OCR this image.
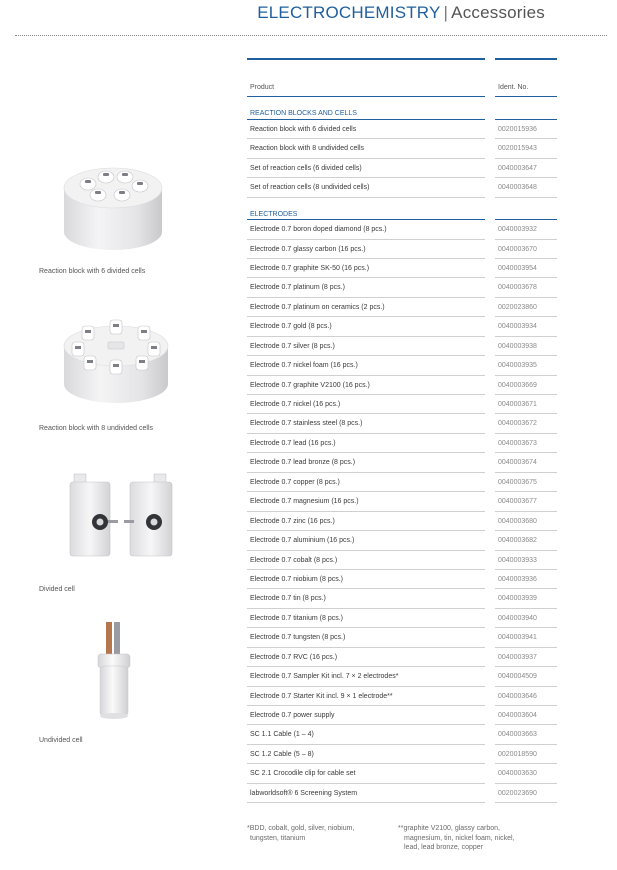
ELECTROCHEMISTRY | Accessories
Product	Ident. No.
REACTION BLOCKS AND CELLS
Reaction block with 6 divided cells	0020015936
Reaction block with 8 undivided cells	0020015943
Set of reaction cells (6 divided cells)	0040003647
Set of reaction cells (8 undivided cells)	0040003648
ELECTRODES
Electrode 0.7 boron doped diamond (8 pcs.)	0040003932
Electrode 0.7 glassy carbon (16 pcs.)	0040003670
Electrode 0.7 graphite SK-50 (16 pcs.)	0040003954
Electrode 0.7 platinum (8 pcs.)	0040003678
Electrode 0.7 platinum on ceramics (2 pcs.)	0020023860
Electrode 0.7 gold (8 pcs.)	0040003934
Electrode 0.7 silver (8 pcs.)	0040003938
Electrode 0.7 nickel foam (16 pcs.)	0040003935
Electrode 0.7 graphite V2100 (16 pcs.)	0040003669
Electrode 0.7 nickel (16 pcs.)	0040003671
Electrode 0.7 stainless steel (8 pcs.)	0040003672
Electrode 0.7 lead (16 pcs.)	0040003673
Electrode 0.7 lead bronze (8 pcs.)	0040003674
Electrode 0.7 copper (8 pcs.)	0040003675
Electrode 0.7 magnesium (16 pcs.)	0040003677
Electrode 0.7 zinc (16 pcs.)	0040003680
Electrode 0.7 aluminium (16 pcs.)	0040003682
Electrode 0.7 cobalt (8 pcs.)	0040003933
Electrode 0.7 niobium (8 pcs.)	0040003936
Electrode 0.7 tin (8 pcs.)	0040003939
Electrode 0.7 titanium (8 pcs.)	0040003940
Electrode 0.7 tungsten (8 pcs.)	0040003941
Electrode 0.7 RVC (16 pcs.)	0040003937
Electrode 0.7 Sampler Kit incl. 7 × 2 electrodes*	0040004509
Electrode 0.7 Starter Kit incl. 9 × 1 electrode**	0040003646
Electrode 0.7 power supply	0040003604
SC 1.1 Cable (1 – 4)	0040003663
SC 1.2 Cable (5 – 8)	0020018590
SC 2.1 Crocodile clip for cable set	0040003630
labworldsoft® 6 Screening System	0020023690
Reaction block with 6 divided cells
Reaction block with 8 undivided cells
Divided cell
Undivided cell
*BDD, cobalt, gold, silver, niobium,
tungsten, titanium
**graphite V2100, glassy carbon,
magnesium, tin, nickel foam, nickel,
lead, lead bronze, copper
